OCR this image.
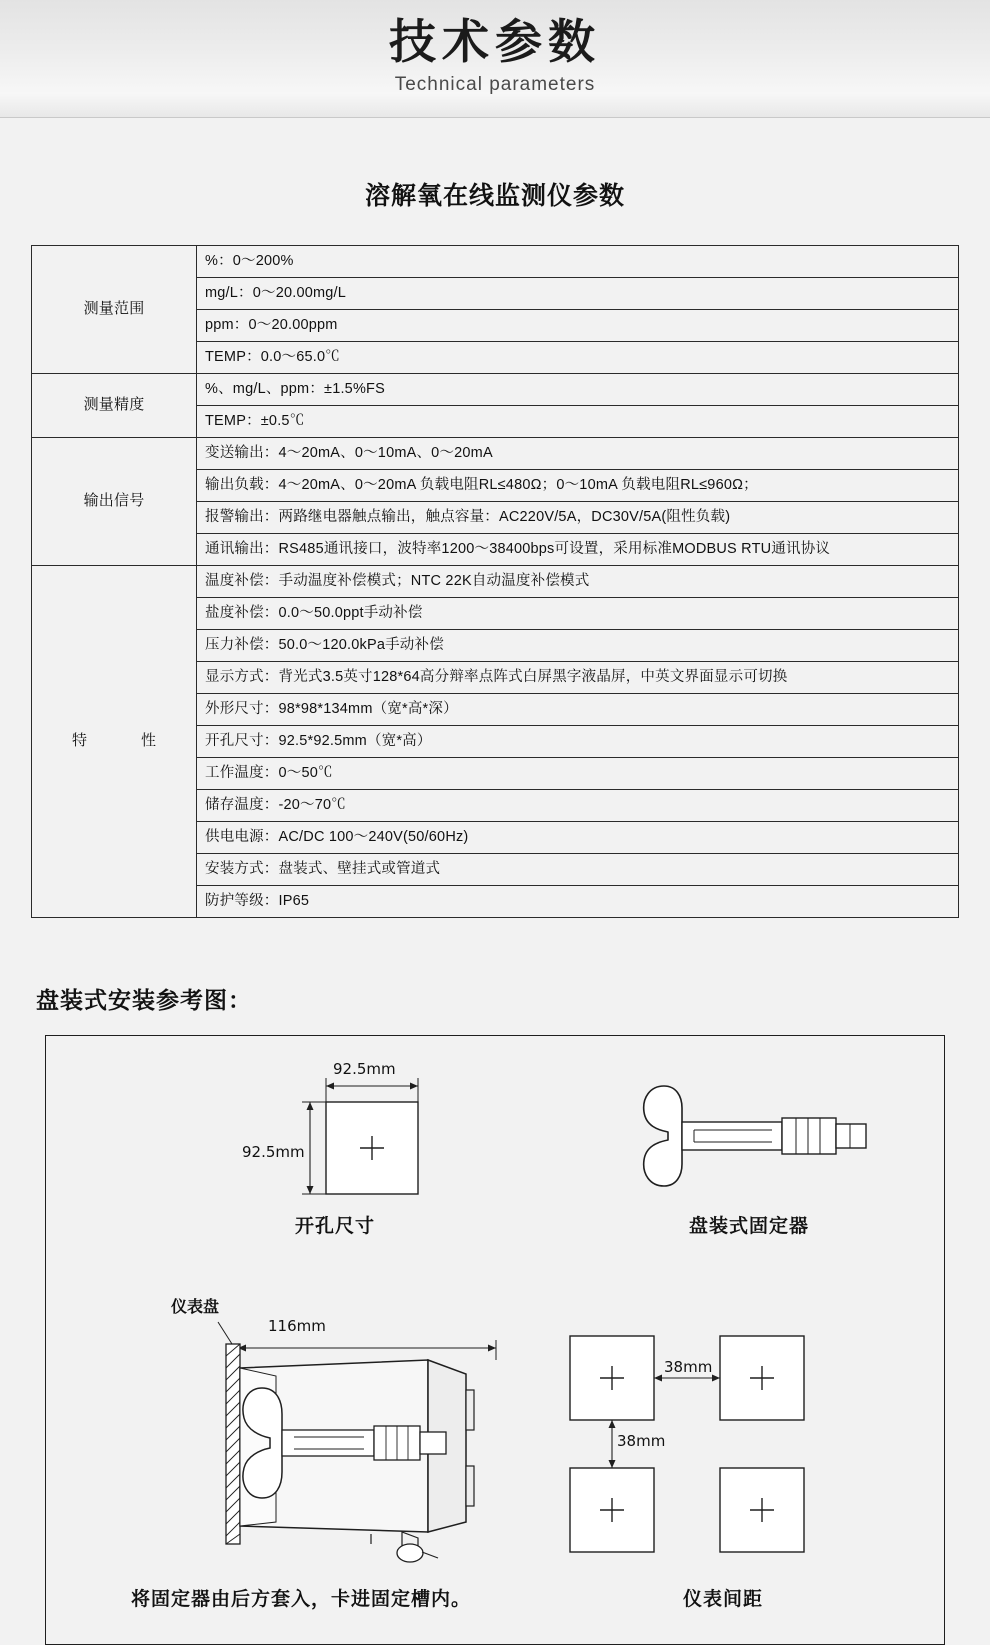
技术参数
Technical parameters
溶解氧在线监测仪参数
测量范围	%：0～200%
	mg/L：0～20.00mg/L
	ppm：0～20.00ppm
	TEMP：0.0～65.0℃
测量精度	%、mg/L、ppm：±1.5%FS
	TEMP：±0.5℃
输出信号	变送输出：4～20mA、0～10mA、0～20mA
	输出负载：4～20mA、0～20mA 负载电阻RL≤480Ω；0～10mA 负载电阻RL≤960Ω；
	报警输出：两路继电器触点输出，触点容量：AC220V/5A，DC30V/5A(阻性负载)
	通讯输出：RS485通讯接口，波特率1200～38400bps可设置，采用标准MODBUS RTU通讯协议
特　　性	温度补偿：手动温度补偿模式；NTC 22K自动温度补偿模式
	盐度补偿：0.0～50.0ppt手动补偿
	压力补偿：50.0～120.0kPa手动补偿
	显示方式：背光式3.5英寸128*64高分辩率点阵式白屏黑字液晶屏，中英文界面显示可切换
	外形尺寸：98*98*134mm（宽*高*深）
	开孔尺寸：92.5*92.5mm（宽*高）
	工作温度：0～50℃
	储存温度：-20～70℃
	供电电源：AC/DC 100～240V(50/60Hz)
	安装方式：盘装式、壁挂式或管道式
	防护等级：IP65
盘装式安装参考图：
92.5mm
92.5mm
开孔尺寸	盘装式固定器
仪表盘
116mm
将固定器由后方套入，卡进固定槽内。
38mm
38mm
仪表间距
